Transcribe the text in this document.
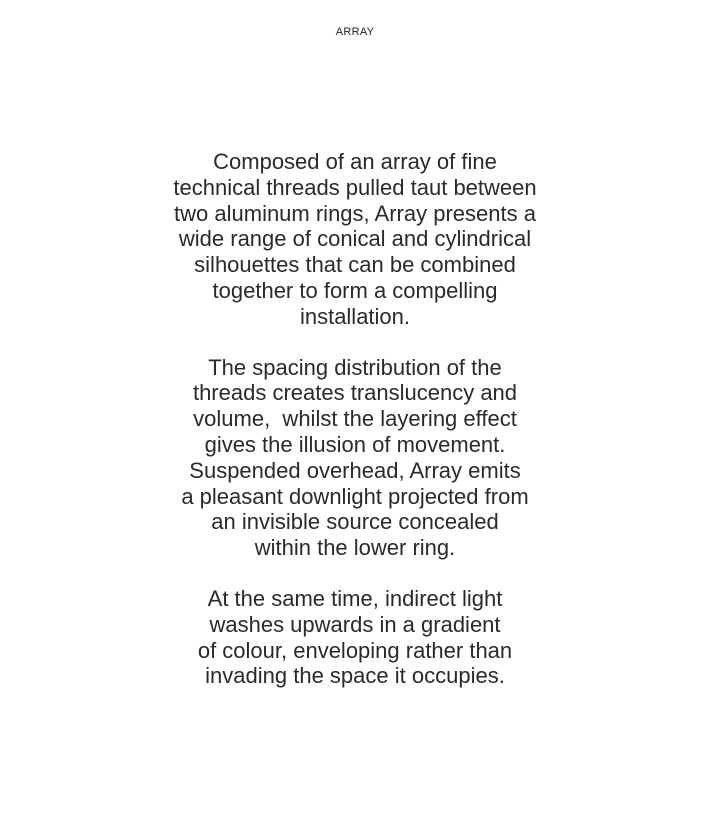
ARRAY

Composed of an array of fine
technical threads pulled taut between
two aluminum rings, Array presents a
wide range of conical and cylindrical
silhouettes that can be combined
together to form a compelling
installation.

The spacing distribution of the
threads creates translucency and
volume,  whilst the layering effect
gives the illusion of movement.
Suspended overhead, Array emits
a pleasant downlight projected from
an invisible source concealed
within the lower ring.

At the same time, indirect light
washes upwards in a gradient
of colour, enveloping rather than
invading the space it occupies.
